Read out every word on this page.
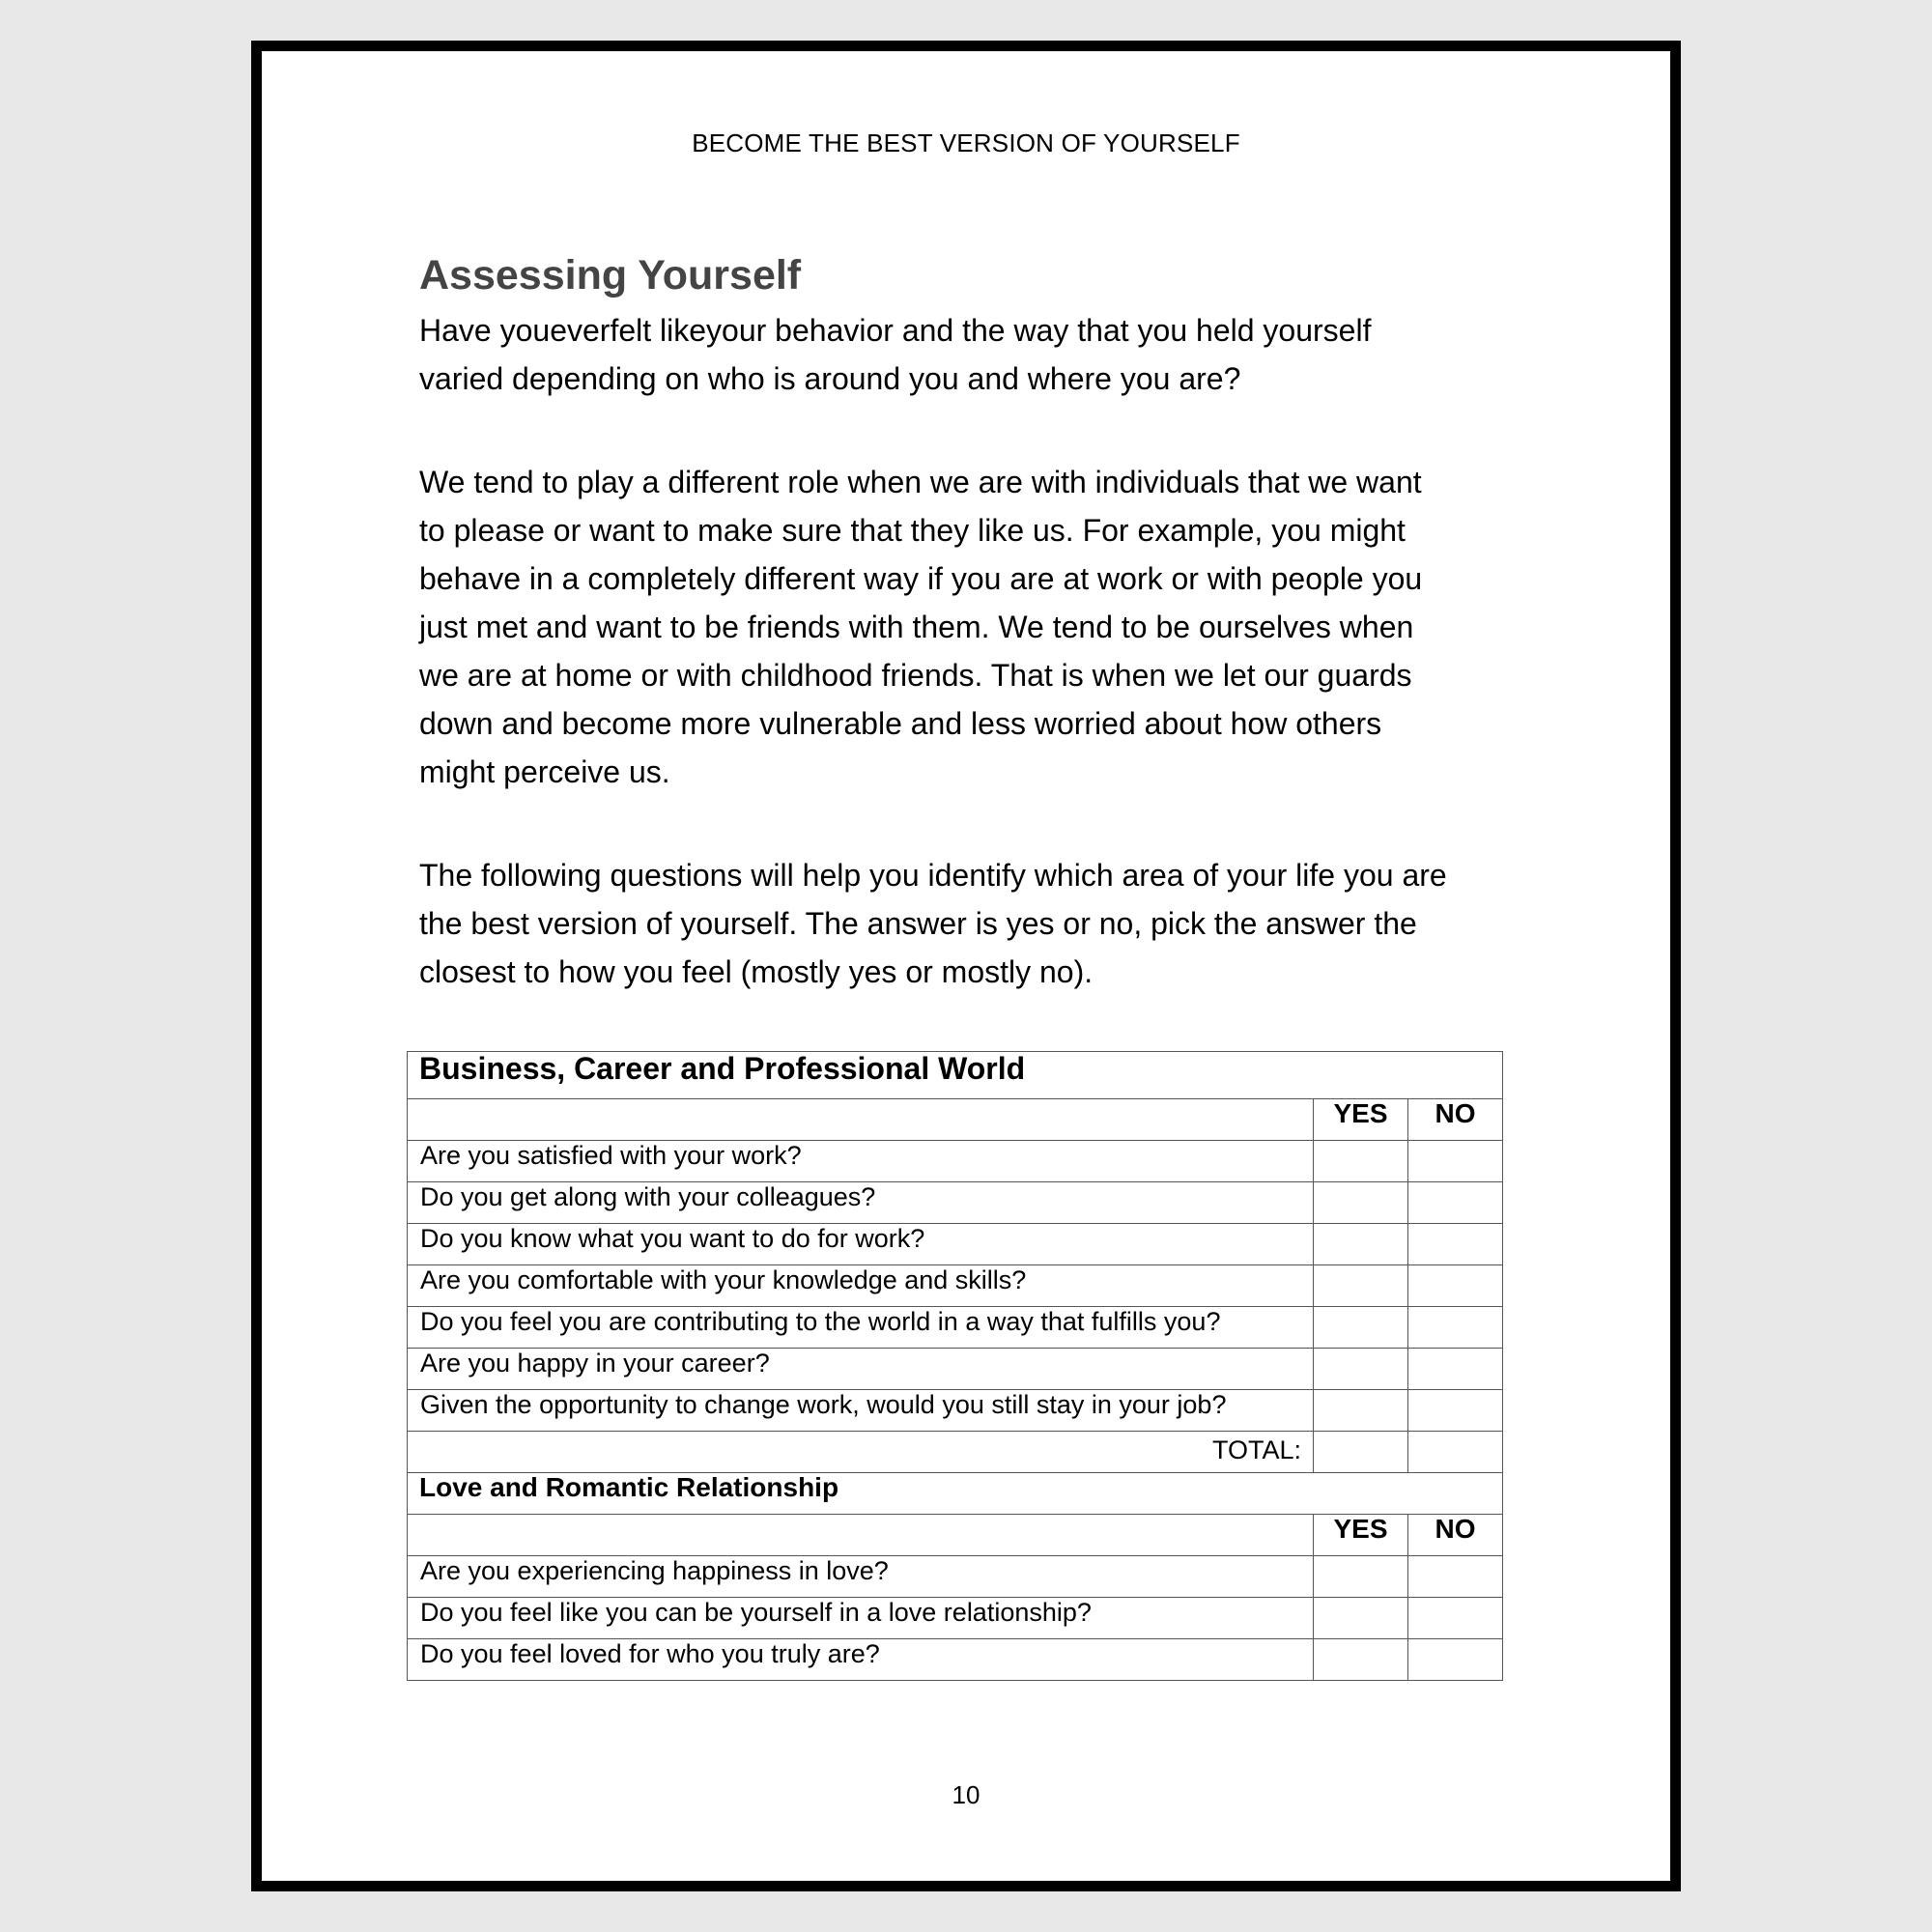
BECOME THE BEST VERSION OF YOURSELF
Assessing Yourself

Have youeverfelt likeyour behavior and the way that you held yourself
varied depending on who is around you and where you are?

We tend to play a different role when we are with individuals that we want
to please or want to make sure that they like us. For example, you might
behave in a completely different way if you are at work or with people you
just met and want to be friends with them. We tend to be ourselves when
we are at home or with childhood friends. That is when we let our guards
down and become more vulnerable and less worried about how others
might perceive us.

The following questions will help you identify which area of your life you are
the best version of yourself. The answer is yes or no, pick the answer the
closest to how you feel (mostly yes or mostly no).

Business, Career and Professional World		
	YES	NO
Are you satisfied with your work?		
Do you get along with your colleagues?		
Do you know what you want to do for work?		
Are you comfortable with your knowledge and skills?		
Do you feel you are contributing to the world in a way that fulfills you?		
Are you happy in your career?		
Given the opportunity to change work, would you still stay in your job?		
TOTAL:		
Love and Romantic Relationship		
	YES	NO
Are you experiencing happiness in love?		
Do you feel like you can be yourself in a love relationship?		
Do you feel loved for who you truly are?		
10
